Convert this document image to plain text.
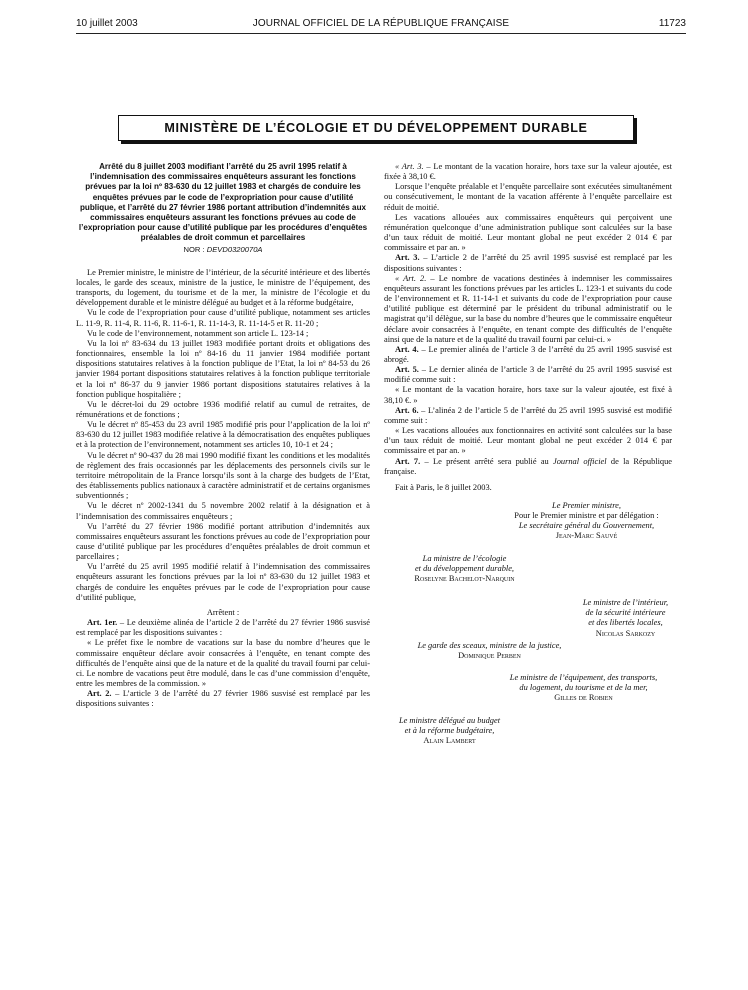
10 juillet 2003	JOURNAL OFFICIEL DE LA RÉPUBLIQUE FRANÇAISE	11723
MINISTÈRE DE L’ÉCOLOGIE ET DU DÉVELOPPEMENT DURABLE
Arrêté du 8 juillet 2003 modifiant l’arrêté du 25 avril 1995 relatif à l’indemnisation des commissaires enquêteurs assurant les fonctions prévues par la loi nº 83-630 du 12 juillet 1983 et chargés de conduire les enquêtes prévues par le code de l’expropriation pour cause d’utilité publique, et l’arrêté du 27 février 1986 portant attribution d’indemnités aux commissaires enquêteurs assurant les fonctions prévues au code de l’expropriation pour cause d’utilité publique par les procédures d’enquêtes préalables de droit commun et parcellaires
NOR : DEVD0320070A

Le Premier ministre, le ministre de l’intérieur, de la sécurité intérieure et des libertés locales, le garde des sceaux, ministre de la justice, le ministre de l’équipement, des transports, du logement, du tourisme et de la mer, la ministre de l’écologie et du développement durable et le ministre délégué au budget et à la réforme budgétaire,

Vu le code de l’expropriation pour cause d’utilité publique, notamment ses articles L. 11-9, R. 11-4, R. 11-6, R. 11-6-1, R. 11-14-3, R. 11-14-5 et R. 11-20 ;

Vu le code de l’environnement, notamment son article L. 123-14 ;

Vu la loi nº 83-634 du 13 juillet 1983 modifiée portant droits et obligations des fonctionnaires, ensemble la loi nº 84-16 du 11 janvier 1984 modifiée portant dispositions statutaires relatives à la fonction publique de l’Etat, la loi nº 84-53 du 26 janvier 1984 portant dispositions statutaires relatives à la fonction publique territoriale et la loi nº 86-37 du 9 janvier 1986 portant dispositions statutaires relatives à la fonction publique hospitalière ;

Vu le décret-loi du 29 octobre 1936 modifié relatif au cumul de retraites, de rémunérations et de fonctions ;

Vu le décret nº 85-453 du 23 avril 1985 modifié pris pour l’application de la loi nº 83-630 du 12 juillet 1983 modifiée relative à la démocratisation des enquêtes publiques et à la protection de l’environnement, notamment ses articles 10, 10-1 et 24 ;

Vu le décret nº 90-437 du 28 mai 1990 modifié fixant les conditions et les modalités de règlement des frais occasionnés par les déplacements des personnels civils sur le territoire métropolitain de la France lorsqu’ils sont à la charge des budgets de l’Etat, des établissements publics nationaux à caractère administratif et de certains organismes subventionnés ;

Vu le décret nº 2002-1341 du 5 novembre 2002 relatif à la désignation et à l’indemnisation des commissaires enquêteurs ;

Vu l’arrêté du 27 février 1986 modifié portant attribution d’indemnités aux commissaires enquêteurs assurant les fonctions prévues au code de l’expropriation pour cause d’utilité publique par les procédures d’enquêtes préalables de droit commun et parcellaires ;

Vu l’arrêté du 25 avril 1995 modifié relatif à l’indemnisation des commissaires enquêteurs assurant les fonctions prévues par la loi nº 83-630 du 12 juillet 1983 et chargés de conduire les enquêtes prévues par le code de l’expropriation pour cause d’utilité publique,

Arrêtent :

Art. 1er. – Le deuxième alinéa de l’article 2 de l’arrêté du 27 février 1986 susvisé est remplacé par les dispositions suivantes :

« Le préfet fixe le nombre de vacations sur la base du nombre d’heures que le commissaire enquêteur déclare avoir consacrées à l’enquête, en tenant compte des difficultés de l’enquête ainsi que de la nature et de la qualité du travail fourni par celui-ci. Le nombre de vacations peut être modulé, dans le cas d’une commission d’enquête, entre les membres de la commission. »

Art. 2. – L’article 3 de l’arrêté du 27 février 1986 susvisé est remplacé par les dispositions suivantes :

« Art. 3. – Le montant de la vacation horaire, hors taxe sur la valeur ajoutée, est fixée à 38,10 €.

Lorsque l’enquête préalable et l’enquête parcellaire sont exécutées simultanément ou consécutivement, le montant de la vacation afférente à l’enquête parcellaire est réduit de moitié.

Les vacations allouées aux commissaires enquêteurs qui perçoivent une rémunération quelconque d’une administration publique sont calculées sur la base d’un taux réduit de moitié. Leur montant global ne peut excéder 2 014 € par commissaire et par an. »

Art. 3. – L’article 2 de l’arrêté du 25 avril 1995 susvisé est remplacé par les dispositions suivantes :

« Art. 2. – Le nombre de vacations destinées à indemniser les commissaires enquêteurs assurant les fonctions prévues par les articles L. 123-1 et suivants du code de l’environnement et R. 11-14-1 et suivants du code de l’expropriation pour cause d’utilité publique est déterminé par le président du tribunal administratif ou le magistrat qu’il délègue, sur la base du nombre d’heures que le commissaire enquêteur déclare avoir consacrées à l’enquête, en tenant compte des difficultés de l’enquête ainsi que de la nature et de la qualité du travail fourni par celui-ci. »

Art. 4. – Le premier alinéa de l’article 3 de l’arrêté du 25 avril 1995 susvisé est abrogé.

Art. 5. – Le dernier alinéa de l’article 3 de l’arrêté du 25 avril 1995 susvisé est modifié comme suit :

« Le montant de la vacation horaire, hors taxe sur la valeur ajoutée, est fixé à 38,10 €. »

Art. 6. – L’alinéa 2 de l’article 5 de l’arrêté du 25 avril 1995 susvisé est modifié comme suit :

« Les vacations allouées aux fonctionnaires en activité sont calculées sur la base d’un taux réduit de moitié. Leur montant global ne peut excéder 2 014 € par commissaire et par an. »

Art. 7. – Le présent arrêté sera publié au Journal officiel de la République française.

Fait à Paris, le 8 juillet 2003.

Le Premier ministre,

Pour le Premier ministre et par délégation :

Le secrétaire général du Gouvernement,

Jean-Marc Sauvé

La ministre de l’écologie

et du développement durable,

Roselyne Bachelot-Narquin

Le ministre de l’intérieur,

de la sécurité intérieure

et des libertés locales,

Nicolas Sarkozy

Le garde des sceaux, ministre de la justice,

Dominique Perben

Le ministre de l’équipement, des transports,

du logement, du tourisme et de la mer,

Gilles de Robien

Le ministre délégué au budget

et à la réforme budgétaire,

Alain Lambert
